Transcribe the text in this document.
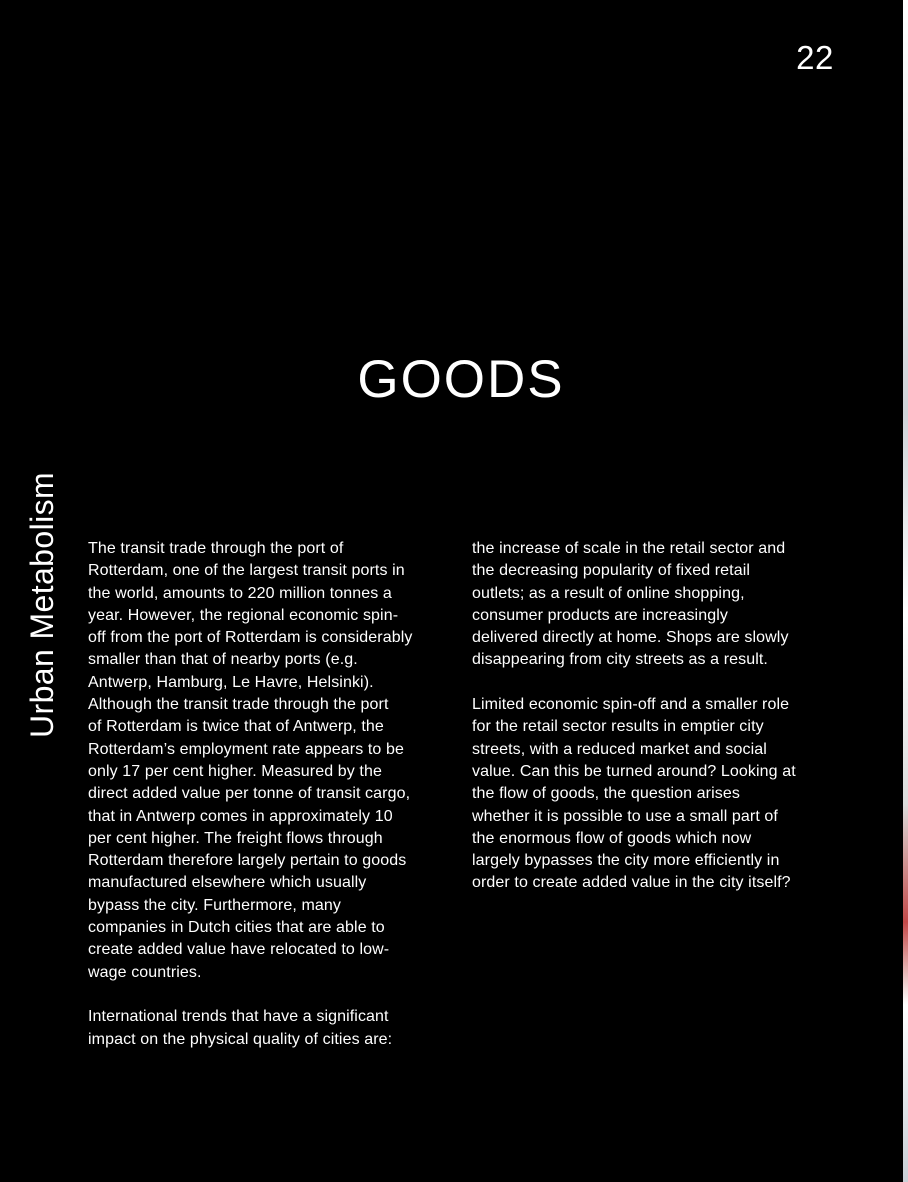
22
Urban Metabolism
GOODS
The transit trade through the port of
Rotterdam, one of the largest transit ports in
the world, amounts to 220 million tonnes a
year. However, the regional economic spin-
off from the port of Rotterdam is considerably
smaller than that of nearby ports (e.g.
Antwerp, Hamburg, Le Havre, Helsinki).
Although the transit trade through the port
of Rotterdam is twice that of Antwerp, the
Rotterdam’s employment rate appears to be
only 17 per cent higher. Measured by the
direct added value per tonne of transit cargo,
that in Antwerp comes in approximately 10
per cent higher. The freight flows through
Rotterdam therefore largely pertain to goods
manufactured elsewhere which usually
bypass the city. Furthermore, many
companies in Dutch cities that are able to
create added value have relocated to low-
wage countries.
International trends that have a significant
impact on the physical quality of cities are:
the increase of scale in the retail sector and
the decreasing popularity of fixed retail
outlets; as a result of online shopping,
consumer products are increasingly
delivered directly at home. Shops are slowly
disappearing from city streets as a result.
Limited economic spin-off and a smaller role
for the retail sector results in emptier city
streets, with a reduced market and social
value. Can this be turned around? Looking at
the flow of goods, the question arises
whether it is possible to use a small part of
the enormous flow of goods which now
largely bypasses the city more efficiently in
order to create added value in the city itself?
